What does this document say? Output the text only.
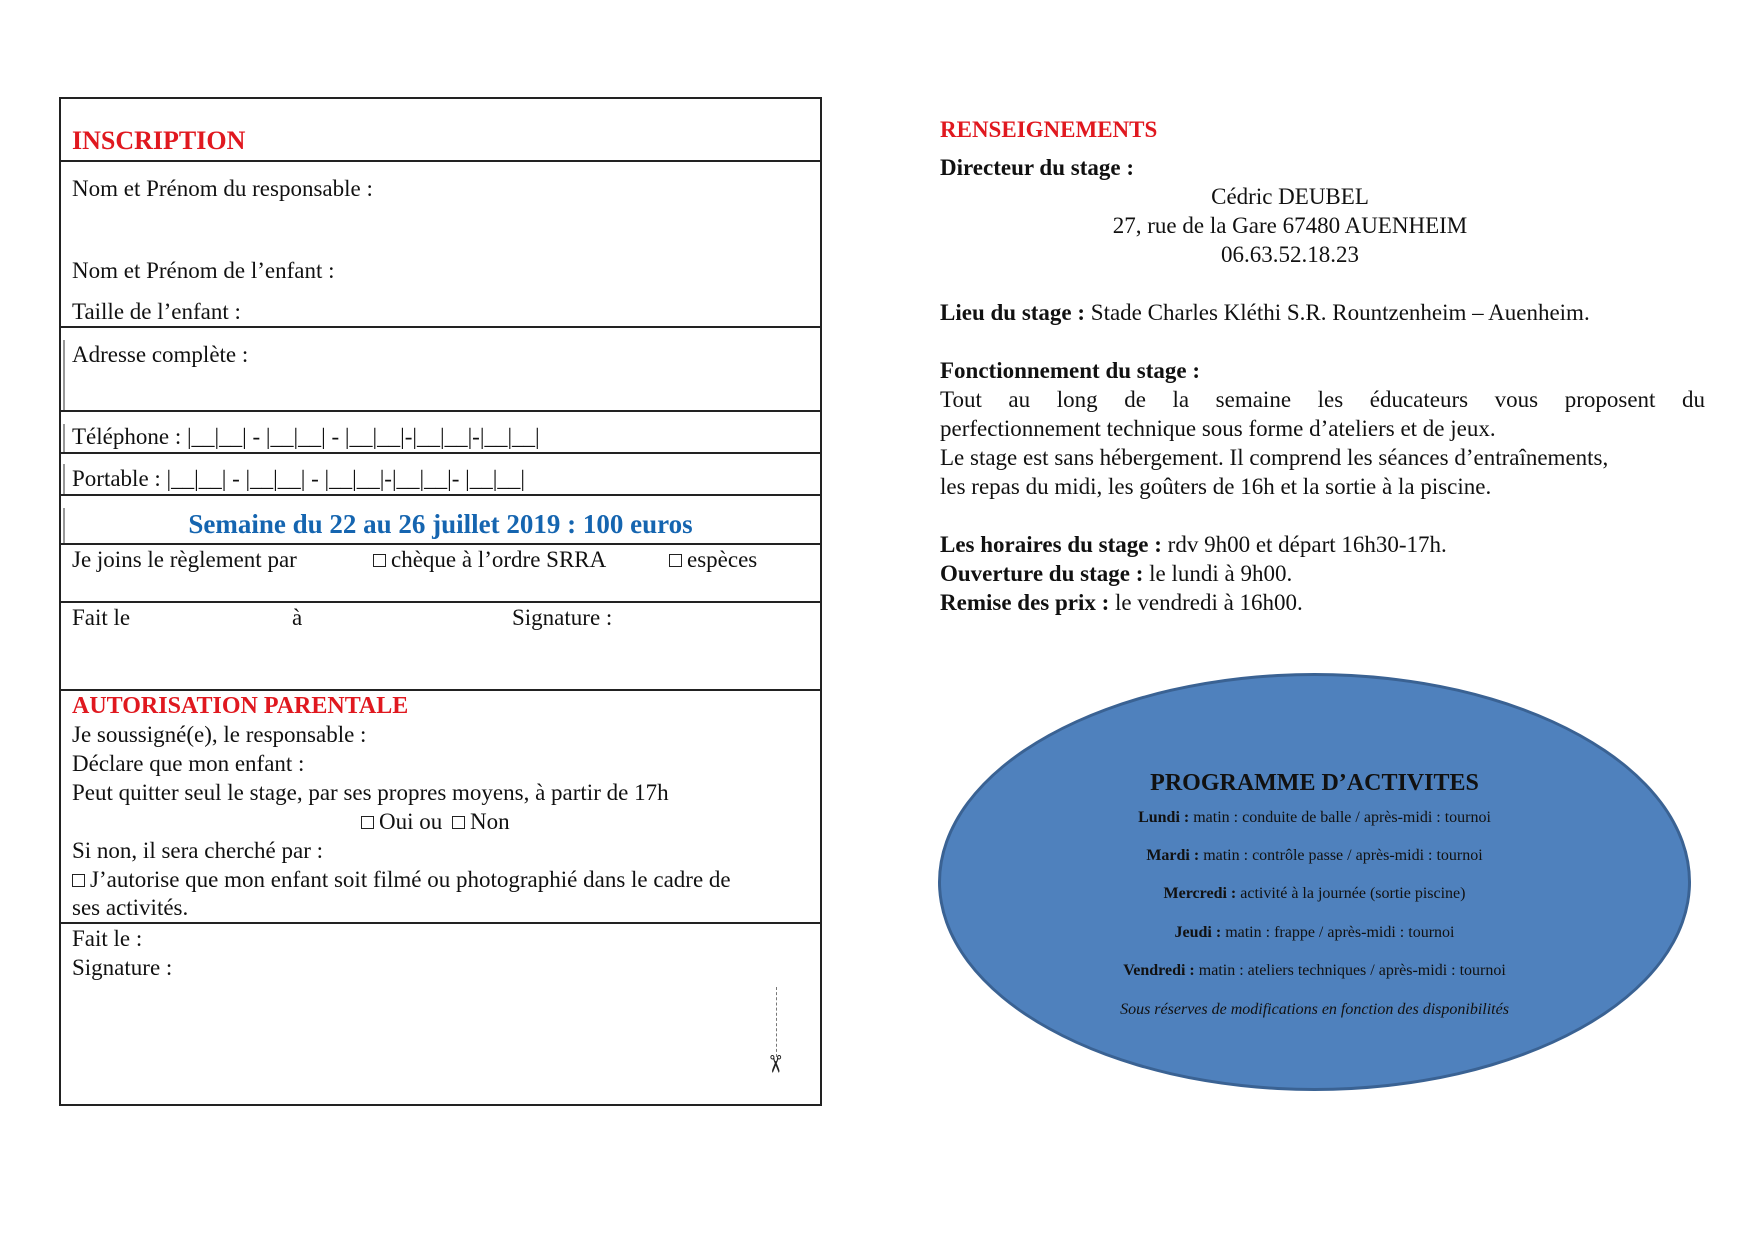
INSCRIPTION
Nom et Prénom du responsable :
Nom et Prénom de l’enfant :
Taille de l’enfant :
Adresse complète :
Téléphone : |__|__| - |__|__| - |__|__|-|__|__|-|__|__|
Portable : |__|__| - |__|__| - |__|__|-|__|__|- |__|__|
Semaine du 22 au 26 juillet 2019 : 100 euros
Je joins le règlement par	chèque à l’ordre SRRA	espèces
Fait le	à	Signature :
AUTORISATION PARENTALE
Je soussigné(e), le responsable :
Déclare que mon enfant :
Peut quitter seul le stage, par ses propres moyens, à partir de 17h
Oui ou Non
Si non, il sera cherché par :
J’autorise que mon enfant soit filmé ou photographié dans le cadre de
ses activités.
Fait le :
Signature :
✂
RENSEIGNEMENTS
Directeur du stage :
Cédric DEUBEL
27, rue de la Gare 67480 AUENHEIM
06.63.52.18.23
Lieu du stage : Stade Charles Kléthi S.R. Rountzenheim – Auenheim.
Fonctionnement du stage :
Tout au long de la semaine les éducateurs vous proposent du
perfectionnement technique sous forme d’ateliers et de jeux.
Le stage est sans hébergement. Il comprend les séances d’entraînements,
les repas du midi, les goûters de 16h et la sortie à la piscine.
Les horaires du stage : rdv 9h00 et départ 16h30-17h.
Ouverture du stage : le lundi à 9h00.
Remise des prix : le vendredi à 16h00.
PROGRAMME D’ACTIVITES
Lundi : matin : conduite de balle / après-midi : tournoi
Mardi : matin : contrôle passe / après-midi : tournoi
Mercredi : activité à la journée (sortie piscine)
Jeudi : matin : frappe / après-midi : tournoi
Vendredi : matin : ateliers techniques / après-midi : tournoi
Sous réserves de modifications en fonction des disponibilités
